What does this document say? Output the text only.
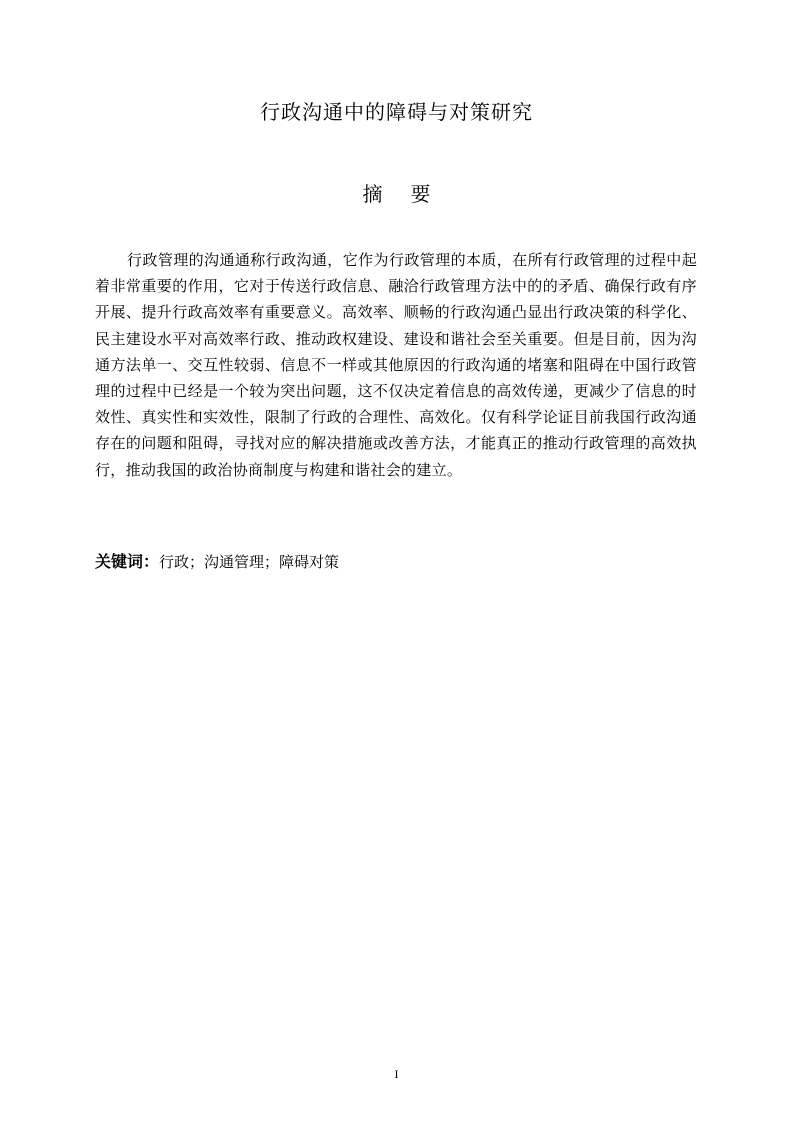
行政沟通中的障碍与对策研究
摘 要
行政管理的沟通通称行政沟通，它作为行政管理的本质，在所有行政管理的过程中起着非常重要的作用，它对于传送行政信息、融洽行政管理方法中的的矛盾、确保行政有序开展、提升行政高效率有重要意义。高效率、顺畅的行政沟通凸显出行政决策的科学化、民主建设水平对高效率行政、推动政权建设、建设和谐社会至关重要。但是目前，因为沟通方法单一、交互性较弱、信息不一样或其他原因的行政沟通的堵塞和阻碍在中国行政管理的过程中已经是一个较为突出问题，这不仅决定着信息的高效传递，更减少了信息的时效性、真实性和实效性，限制了行政的合理性、高效化。仅有科学论证目前我国行政沟通存在的问题和阻碍，寻找对应的解决措施或改善方法，才能真正的推动行政管理的高效执行，推动我国的政治协商制度与构建和谐社会的建立。
关键词：行政；沟通管理；障碍对策
I
